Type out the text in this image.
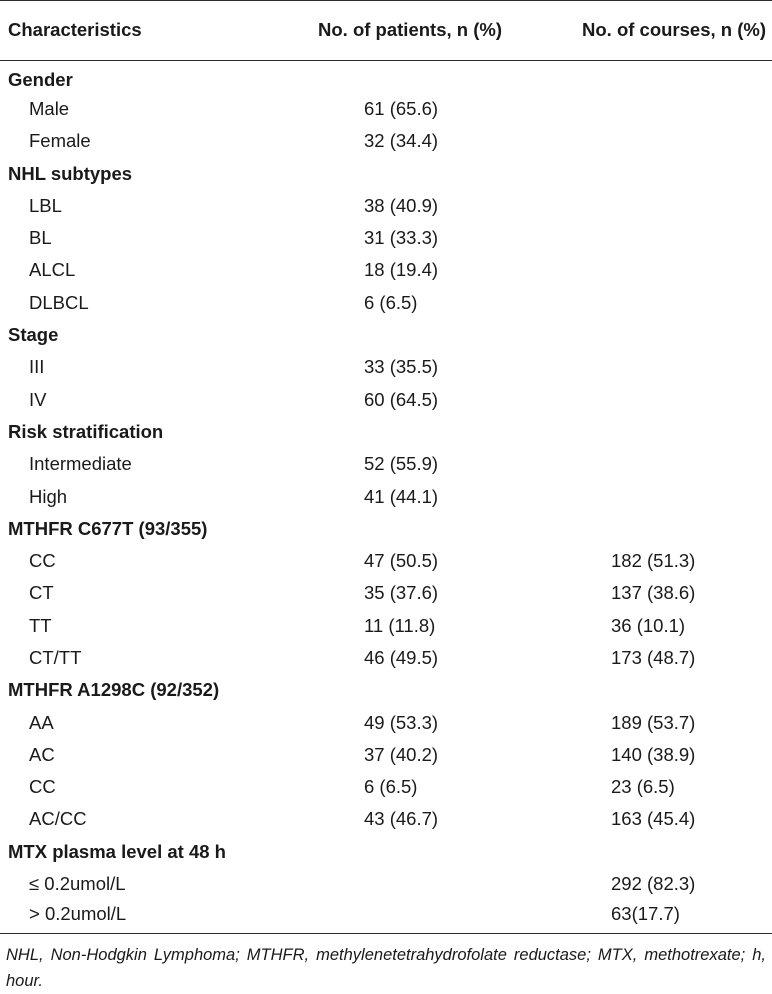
Characteristics	No. of patients, n (%)	No. of courses, n (%)
Gender		
Male	61 (65.6)	
Female	32 (34.4)	
NHL subtypes		
LBL	38 (40.9)	
BL	31 (33.3)	
ALCL	18 (19.4)	
DLBCL	6 (6.5)	
Stage		
III	33 (35.5)	
IV	60 (64.5)	
Risk stratification		
Intermediate	52 (55.9)	
High	41 (44.1)	
MTHFR C677T (93/355)		
CC	47 (50.5)	182 (51.3)
CT	35 (37.6)	137 (38.6)
TT	11 (11.8)	36 (10.1)
CT/TT	46 (49.5)	173 (48.7)
MTHFR A1298C (92/352)		
AA	49 (53.3)	189 (53.7)
AC	37 (40.2)	140 (38.9)
CC	6 (6.5)	23 (6.5)
AC/CC	43 (46.7)	163 (45.4)
MTX plasma level at 48 h		
≤ 0.2umol/L		292 (82.3)
> 0.2umol/L		63(17.7)
NHL, Non-Hodgkin Lymphoma; MTHFR, methylenetetrahydrofolate reductase; MTX, methotrexate; h, hour.
